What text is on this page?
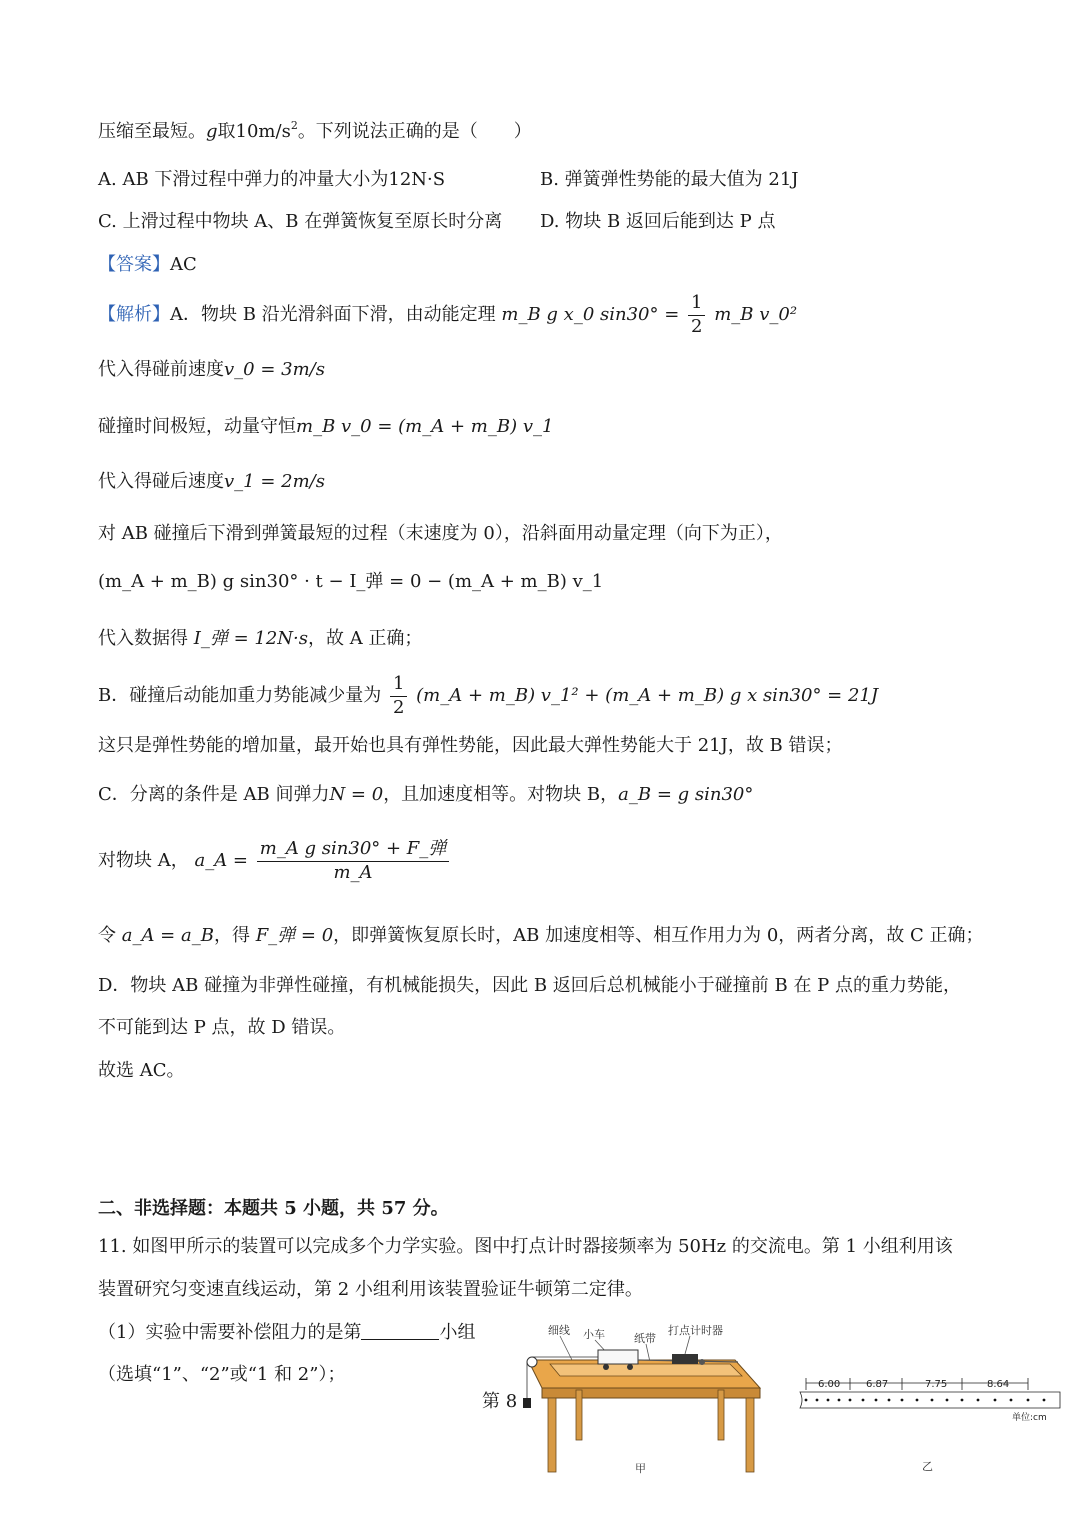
压缩至最短。g取$10m/s^2$。下列说法正确的是（　　）
A. AB 下滑过程中弹力的冲量大小为12N·S	B. 弹簧弹性势能的最大值为 21J
C. 上滑过程中物块 A、B 在弹簧恢复至原长时分离 D. 物块 B 返回后能到达 P 点
【答案】AC
【解析】A．物块 B 沿光滑斜面下滑，由动能定理 m_B g x_0 $\sin 30^\circ = \frac{1}{2}$ m_B v_0²
代入得碰前速度v_0 = 3m/s
碰撞时间极短，动量守恒m_B v_0 = (m_A + m_B) v_1
代入得碰后速度v_1 = 2m/s
对 AB 碰撞后下滑到弹簧最短的过程（末速度为 0），沿斜面用动量定理（向下为正），
(m_A + m_B) g sin30° · t − I_弹 = 0 − (m_A + m_B) v_1
代入数据得 I_弹 = 12N·s，故 A 正确；
B．碰撞后动能加重力势能减少量为 $\frac{1}{2}$ (m_A + m_B) v_1² + (m_A + m_B) g x sin30° = 21J
这只是弹性势能的增加量，最开始也具有弹性势能，因此最大弹性势能大于 21J，故 B 错误；
C．分离的条件是 AB 间弹力N = 0，且加速度相等。对物块 B，a_B = g sin30°
对物块 A， a_A = $\frac{\text{m\_A g sin30° + F\_弹}}{m\_A}$
令 a_A = a_B，得 F_弹 = 0，即弹簧恢复原长时，AB 加速度相等、相互作用力为 0，两者分离，故 C 正确；
D．物块 AB 碰撞为非弹性碰撞，有机械能损失，因此 B 返回后总机械能小于碰撞前 B 在 P 点的重力势能，
不可能到达 P 点，故 D 错误。
故选 AC。
二、非选择题：本题共 5 小题，共 57 分。
11. 如图甲所示的装置可以完成多个力学实验。图中打点计时器接频率为 50Hz 的交流电。第 1 小组利用该
装置研究匀变速直线运动，第 2 小组利用该装置验证牛顿第二定律。
（1）实验中需要补偿阻力的是第	小组
（选填“1”、“2”或“1 和 2”）；
细线 小车	纸带
打点计时器
甲
第 8
6.00	6.87	7.75	8.64
单位:cm
乙
